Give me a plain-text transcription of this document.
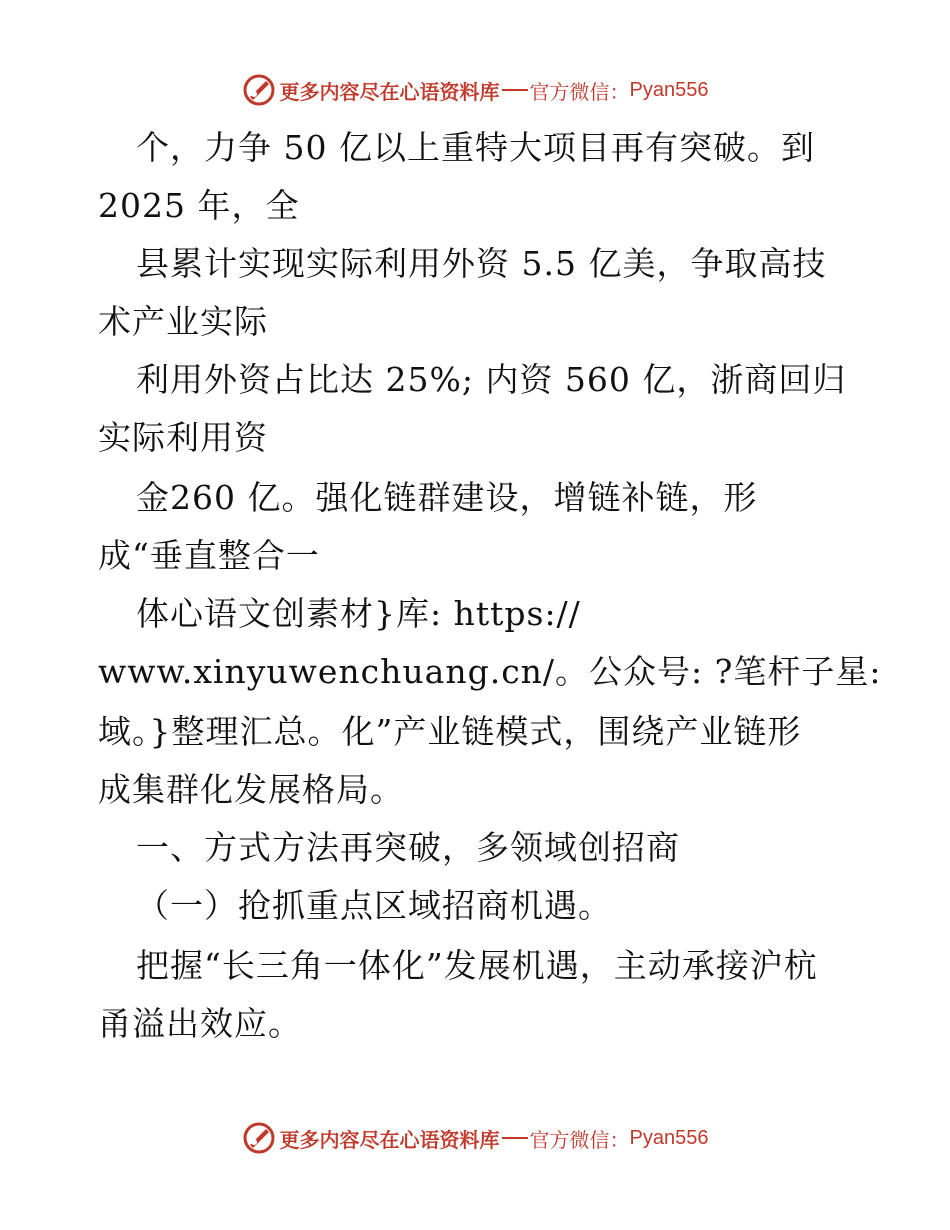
更多内容尽在心语资料库 官方微信： Pyan556
个，力争 50 亿以上重特大项目再有突破。到
2025 年，全
县累计实现实际利用外资 5.5 亿美，争取高技
术产业实际
利用外资占比达 25%; 内资 560 亿，浙商回归
实际利用资
金260 亿。强化链群建设，增链补链，形
成“垂直整合一
体心语文创素材}库: https://
www.xinyuwenchuang.cn/。公众号: ?笔杆子星:
域。}整理汇总。化”产业链模式，围绕产业链形
成集群化发展格局。
一、方式方法再突破，多领域创招商
（一）抢抓重点区域招商机遇。
把握“长三角一体化”发展机遇，主动承接沪杭
甬溢出效应。
更多内容尽在心语资料库 官方微信： Pyan556
